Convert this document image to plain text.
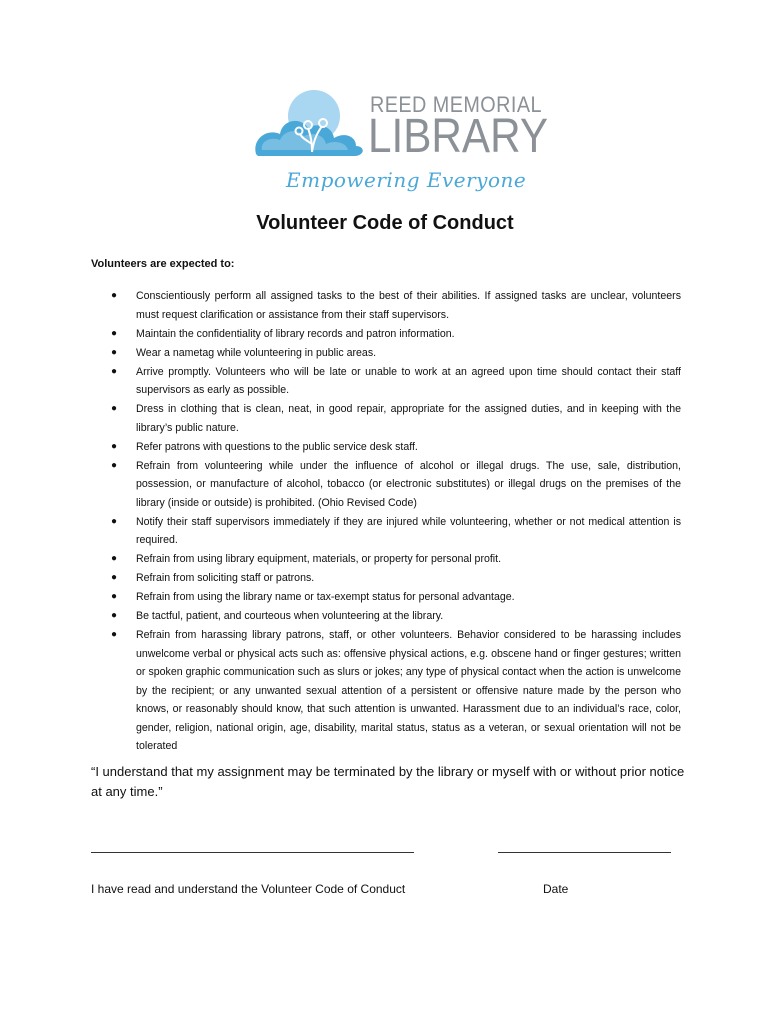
REED MEMORIAL
LIBRARY
Empowering Everyone
Volunteer Code of Conduct
Volunteers are expected to:
● Conscientiously perform all assigned tasks to the best of their abilities. If assigned tasks are unclear, volunteers must request clarification or assistance from their staff supervisors.
● Maintain the confidentiality of library records and patron information.
● Wear a nametag while volunteering in public areas.
● Arrive promptly. Volunteers who will be late or unable to work at an agreed upon time should contact their staff supervisors as early as possible.
● Dress in clothing that is clean, neat, in good repair, appropriate for the assigned duties, and in keeping with the library’s public nature.
● Refer patrons with questions to the public service desk staff.
● Refrain from volunteering while under the influence of alcohol or illegal drugs. The use, sale, distribution, possession, or manufacture of alcohol, tobacco (or electronic substitutes) or illegal drugs on the premises of the library (inside or outside) is prohibited. (Ohio Revised Code)
● Notify their staff supervisors immediately if they are injured while volunteering, whether or not medical attention is required.
● Refrain from using library equipment, materials, or property for personal profit.
● Refrain from soliciting staff or patrons.
● Refrain from using the library name or tax-exempt status for personal advantage.
● Be tactful, patient, and courteous when volunteering at the library.
● Refrain from harassing library patrons, staff, or other volunteers. Behavior considered to be harassing includes unwelcome verbal or physical acts such as: offensive physical actions, e.g. obscene hand or finger gestures; written or spoken graphic communication such as slurs or jokes; any type of physical contact when the action is unwelcome by the recipient; or any unwanted sexual attention of a persistent or offensive nature made by the person who knows, or reasonably should know, that such attention is unwanted. Harassment due to an individual’s race, color, gender, religion, national origin, age, disability, marital status, status as a veteran, or sexual orientation will not be tolerated
“I understand that my assignment may be terminated by the library or myself with or without prior notice at any time.”
I have read and understand the Volunteer Code of Conduct	Date
